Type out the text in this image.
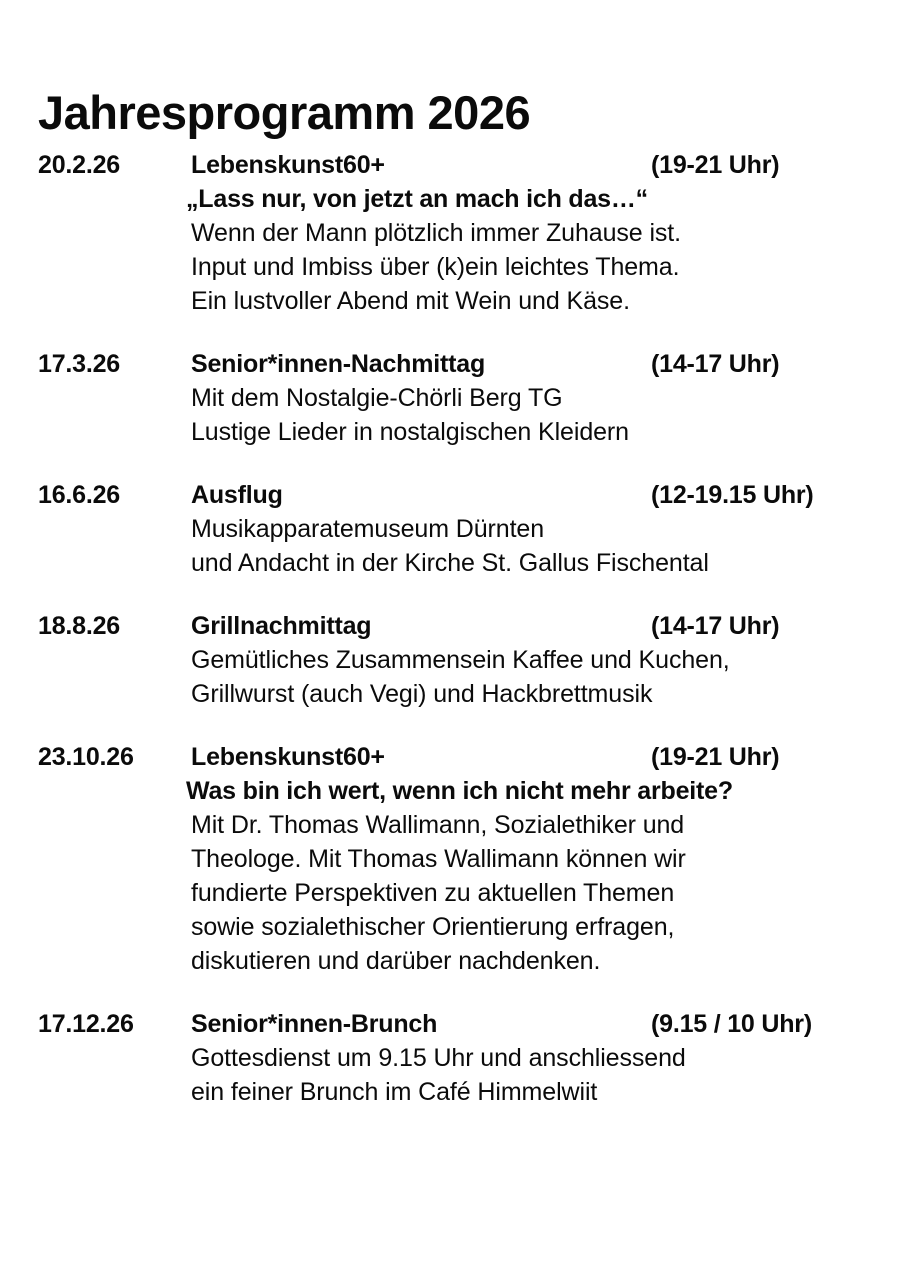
Jahresprogramm 2026
20.2.26	Lebenskunst60+	(19-21 Uhr)
„Lass nur, von jetzt an mach ich das…“
Wenn der Mann plötzlich immer Zuhause ist.
Input und Imbiss über (k)ein leichtes Thema.
Ein lustvoller Abend mit Wein und Käse.
17.3.26	Senior*innen-Nachmittag	(14-17 Uhr)
Mit dem Nostalgie-Chörli Berg TG
Lustige Lieder in nostalgischen Kleidern
16.6.26	Ausflug	(12-19.15 Uhr)
Musikapparatemuseum Dürnten
und Andacht in der Kirche St. Gallus Fischental
18.8.26	Grillnachmittag	(14-17 Uhr)
Gemütliches Zusammensein Kaffee und Kuchen,
Grillwurst (auch Vegi) und Hackbrettmusik
23.10.26 Lebenskunst60+	(19-21 Uhr)
Was bin ich wert, wenn ich nicht mehr arbeite?
Mit Dr. Thomas Wallimann, Sozialethiker und
Theologe. Mit Thomas Wallimann können wir
fundierte Perspektiven zu aktuellen Themen
sowie sozialethischer Orientierung erfragen,
diskutieren und darüber nachdenken.
17.12.26 Senior*innen-Brunch	(9.15 / 10 Uhr)
Gottesdienst um 9.15 Uhr und anschliessend
ein feiner Brunch im Café Himmelwiit
